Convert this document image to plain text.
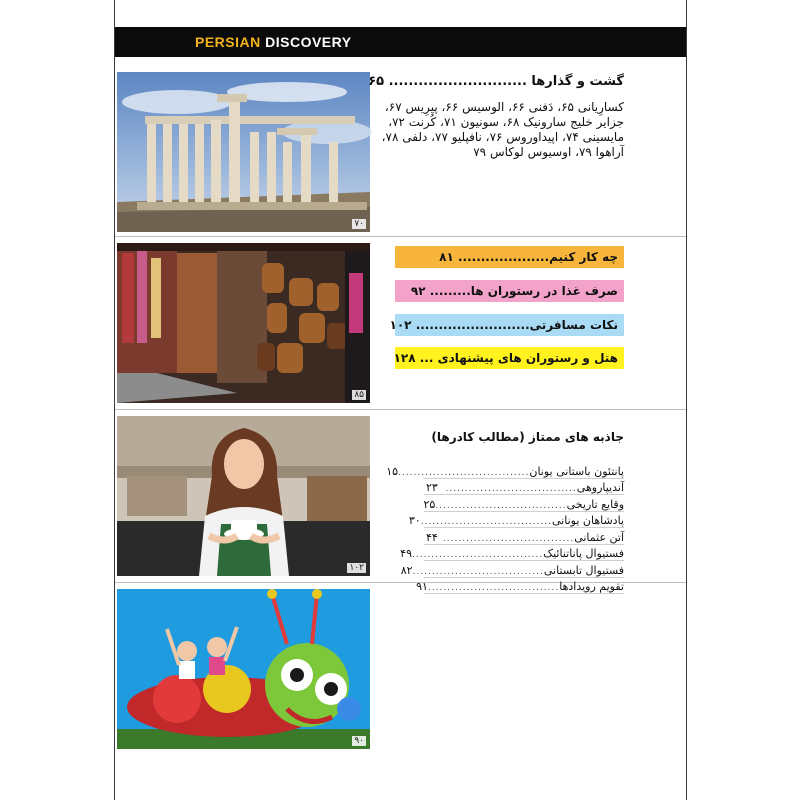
PERSIAN DISCOVERY
۷۰
۸۵
۱۰۲
۹۰
گشت و گذارها ............................ ۶۵
کسارِیانی ۶۵، دَفنی ۶۶، الوسیس ۶۶، پیرِیس ۶۷، جزایر خلیج سارونیک ۶۸، سونیون ۷۱، کُرنت ۷۲، مایسینی ۷۴، اپیداوروس ۷۶، نافپلیو ۷۷، دلفی ۷۸، آراهوا ۷۹، اوسیوس لوکاس ۷۹
چه کار کنیم.................... ۸۱
صرف غذا در رستوران ها......... ۹۲
نکات مسافرتی......................... ۱۰۲
هتل و رستوران های پیشنهادی ... ۱۲۸
جاذبه های ممتاز (مطالب کادرها)
پانتئون باستانی یونان
..................................
۱۵
آندیپاروهی
..................................
۲۳
وقایع تاریخی
..................................
۲۵
پادشاهان یونانی
..................................
۳۰
آتن عثمانی
..................................
۴۴
فستیوال پاناتنائیک
..................................
۴۹
فستیوال تابستانی
..................................
۸۲
تقویم رویدادها
..................................
۹۱
